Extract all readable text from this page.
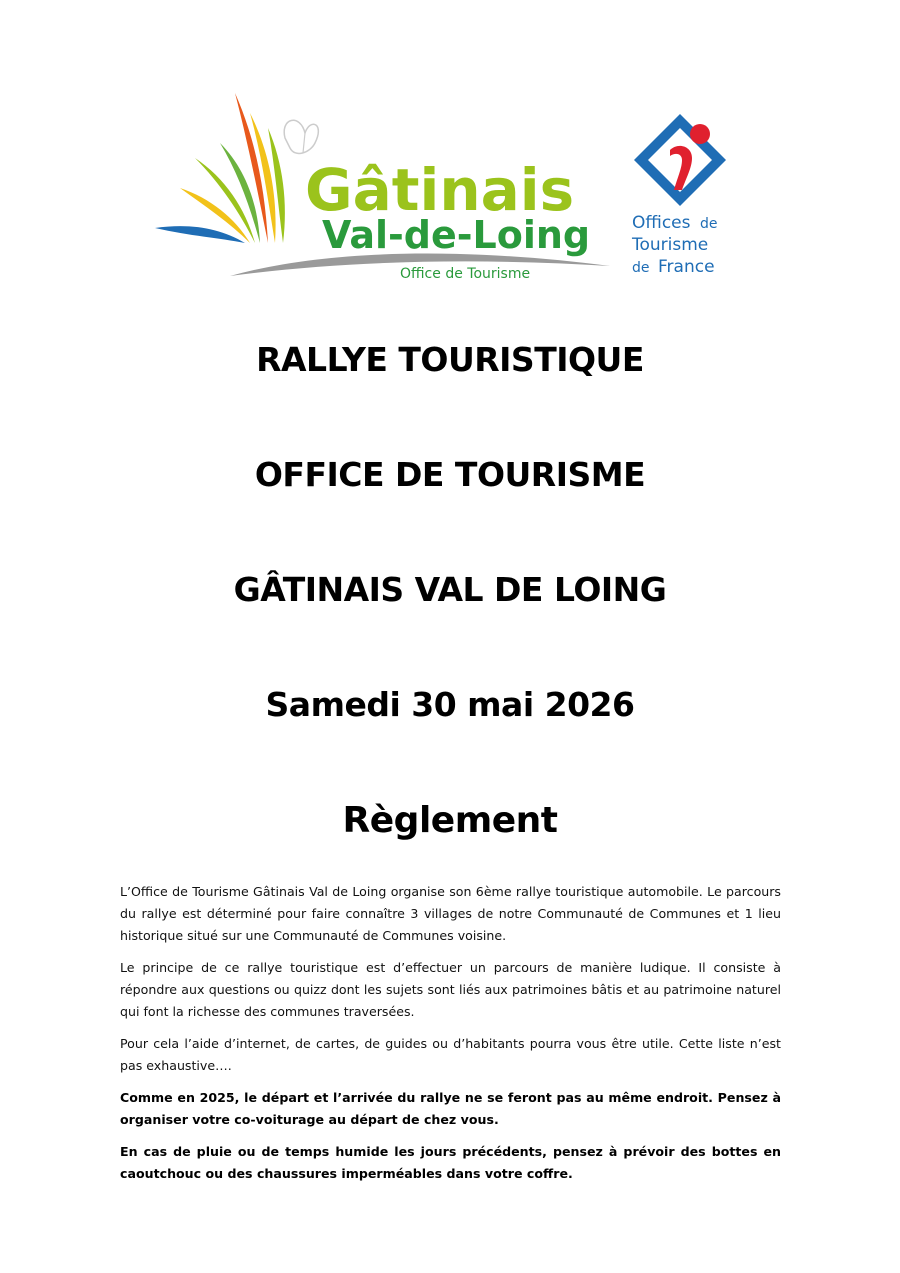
Gâtinais
Val-de-Loing
Office de Tourisme
Offices de
Tourisme
de France
RALLYE TOURISTIQUE
OFFICE DE TOURISME
GÂTINAIS VAL DE LOING
Samedi 30 mai 2026
Règlement

L’Office de Tourisme Gâtinais Val de Loing organise son 6ème rallye touristique automobile. Le parcours du rallye est déterminé pour faire connaître 3 villages de notre Communauté de Communes et 1 lieu historique situé sur une Communauté de Communes voisine.

Le principe de ce rallye touristique est d’effectuer un parcours de manière ludique. Il consiste à répondre aux questions ou quizz dont les sujets sont liés aux patrimoines bâtis et au patrimoine naturel qui font la richesse des communes traversées.

Pour cela l’aide d’internet, de cartes, de guides ou d’habitants pourra vous être utile. Cette liste n’est pas exhaustive….

Comme en 2025, le départ et l’arrivée du rallye ne se feront pas au même endroit. Pensez à organiser votre co-voiturage au départ de chez vous.

En cas de pluie ou de temps humide les jours précédents, pensez à prévoir des bottes en caoutchouc ou des chaussures imperméables dans votre coffre.
